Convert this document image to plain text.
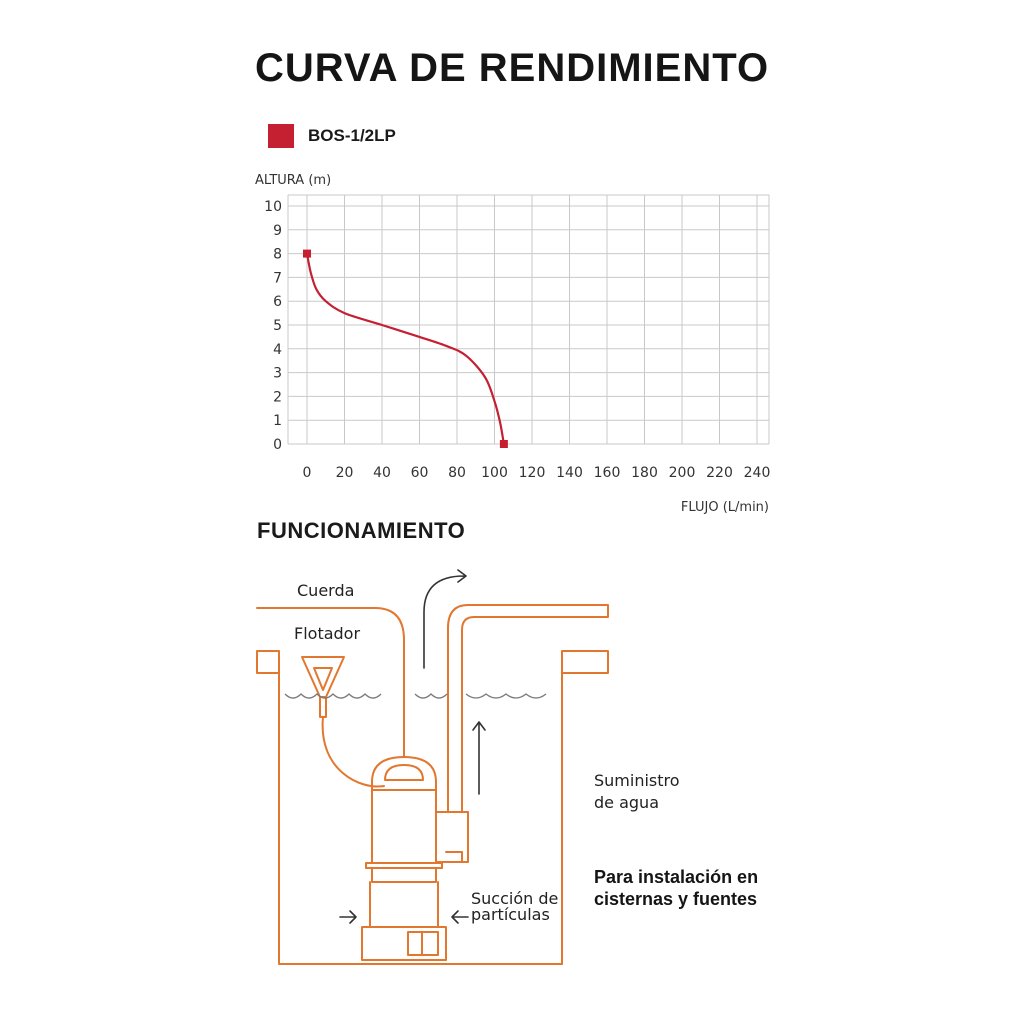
CURVA DE RENDIMIENTO
BOS-1/2LP
ALTURA (m)
FLUJO (L/min)
0
1
2
3
4
5
6
7
8
9
10
0 20 40 60 80 100 120 140 160 180 200 220 240
FUNCIONAMIENTO
Cuerda
Flotador
Suministro
de agua
Succión de
partículas
Para instalación en
cisternas y fuentes
